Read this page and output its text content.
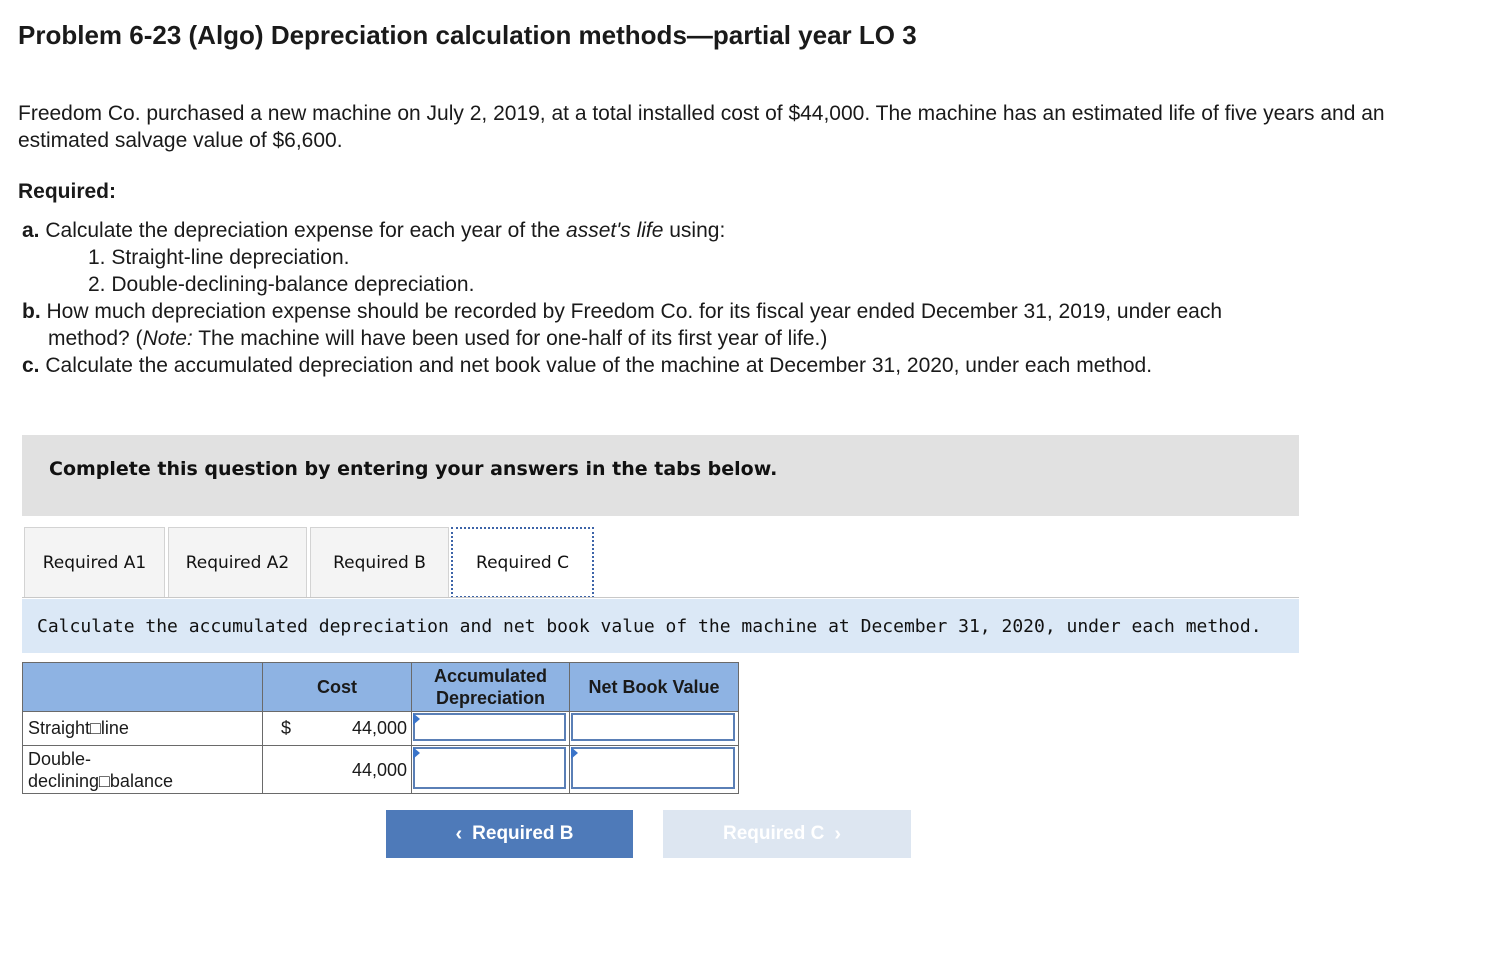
Problem 6-23 (Algo) Depreciation calculation methods—partial year LO 3
Freedom Co. purchased a new machine on July 2, 2019, at a total installed cost of $44,000. The machine has an estimated life of five years and an estimated salvage value of $6,600.
Required:
a. Calculate the depreciation expense for each year of the asset's life using:
1. Straight-line depreciation.
2. Double-declining-balance depreciation.
b. How much depreciation expense should be recorded by Freedom Co. for its fiscal year ended December 31, 2019, under each
method? (Note: The machine will have been used for one-half of its first year of life.)
c. Calculate the accumulated depreciation and net book value of the machine at December 31, 2020, under each method.
Complete this question by entering your answers in the tabs below.
Required A1	Required A2	Required B	Required C
Calculate the accumulated depreciation and net book value of the machine at December 31, 2020, under each method.
	Cost	Accumulated Depreciation	Net Book Value
Straight□line	$ 44,000

Double-
declining□balance	44,000

‹ Required B	Required C ›
